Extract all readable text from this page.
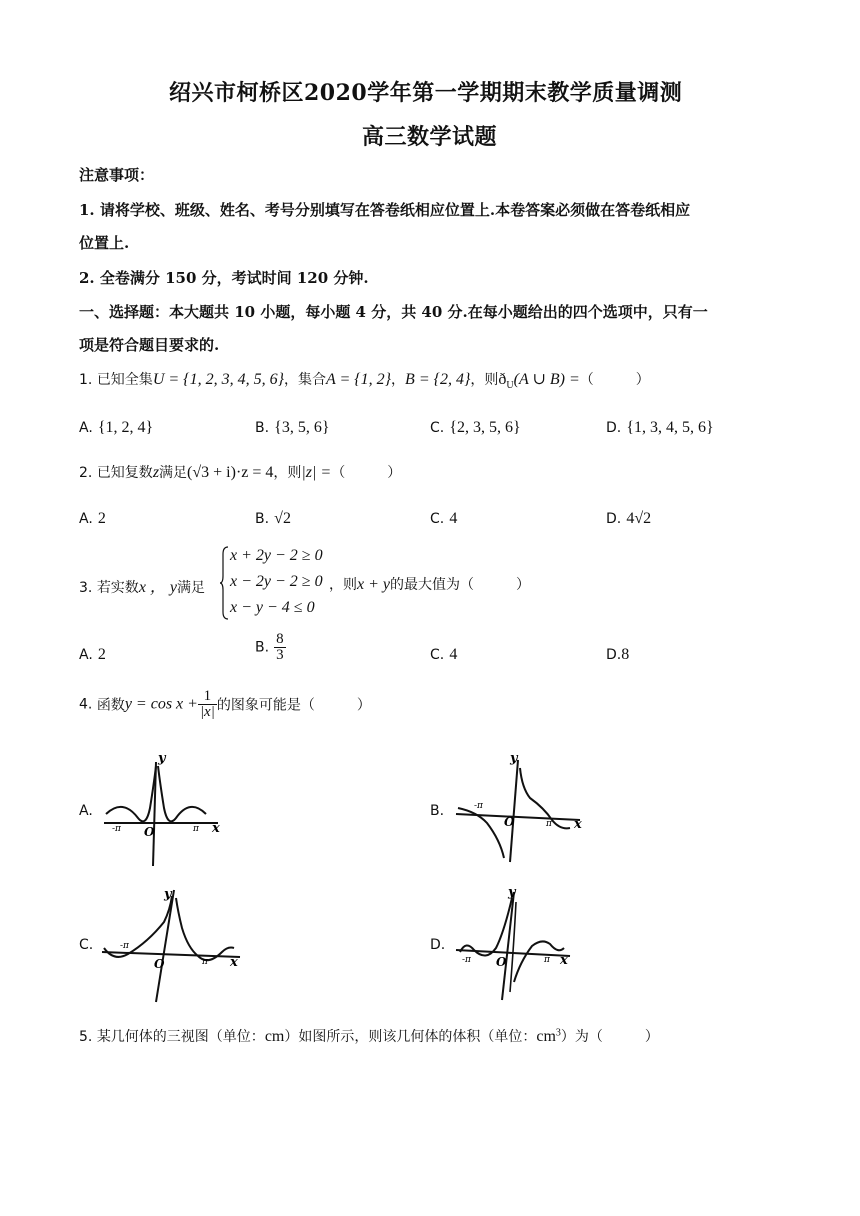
绍兴市柯桥区2020学年第一学期期末教学质量调测
高三数学试题
注意事项：
1. 请将学校、班级、姓名、考号分别填写在答卷纸相应位置上.本卷答案必须做在答卷纸相应
位置上.
2. 全卷满分 150 分，考试时间 120 分钟.
一、选择题：本大题共 10 小题，每小题 4 分，共 40 分.在每小题给出的四个选项中，只有一
项是符合题目要求的.
1. 已知全集U = {1, 2, 3, 4, 5, 6}，集合A = {1, 2}，B = {2, 4}，则$ð_U(A$ ∪ B) =（　　　）
A. {1, 2, 4}	B. {3, 5, 6}	C. {2, 3, 5, 6}	D. {1, 3, 4, 5, 6}
2. 已知复数z满足(√3 + i)·z = 4，则|z| =（　　　）
A. 2	B. √2	C. 4	D. 4√2
3. 若实数x ， y满足
x + 2y − 2 ≥ 0
x − 2y − 2 ≥ 0
x − y − 4 ≤ 0
，则x + y的最大值为（　　　）
A. 2	B. $\frac{8}{3}$	C. 4	D.8
4. 函数$y = \cos x + \frac{1}{|x|}$ 的图象可能是（　　　）
A.
y
x
O
-π	π
B.
y
x
O
-π
π
C.
y
x
O
-π
π
D.
y
x
O
-π	π
5. 某几何体的三视图（单位：cm）如图所示，则该几何体的体积（单位：$cm^3$）为（　　　）
